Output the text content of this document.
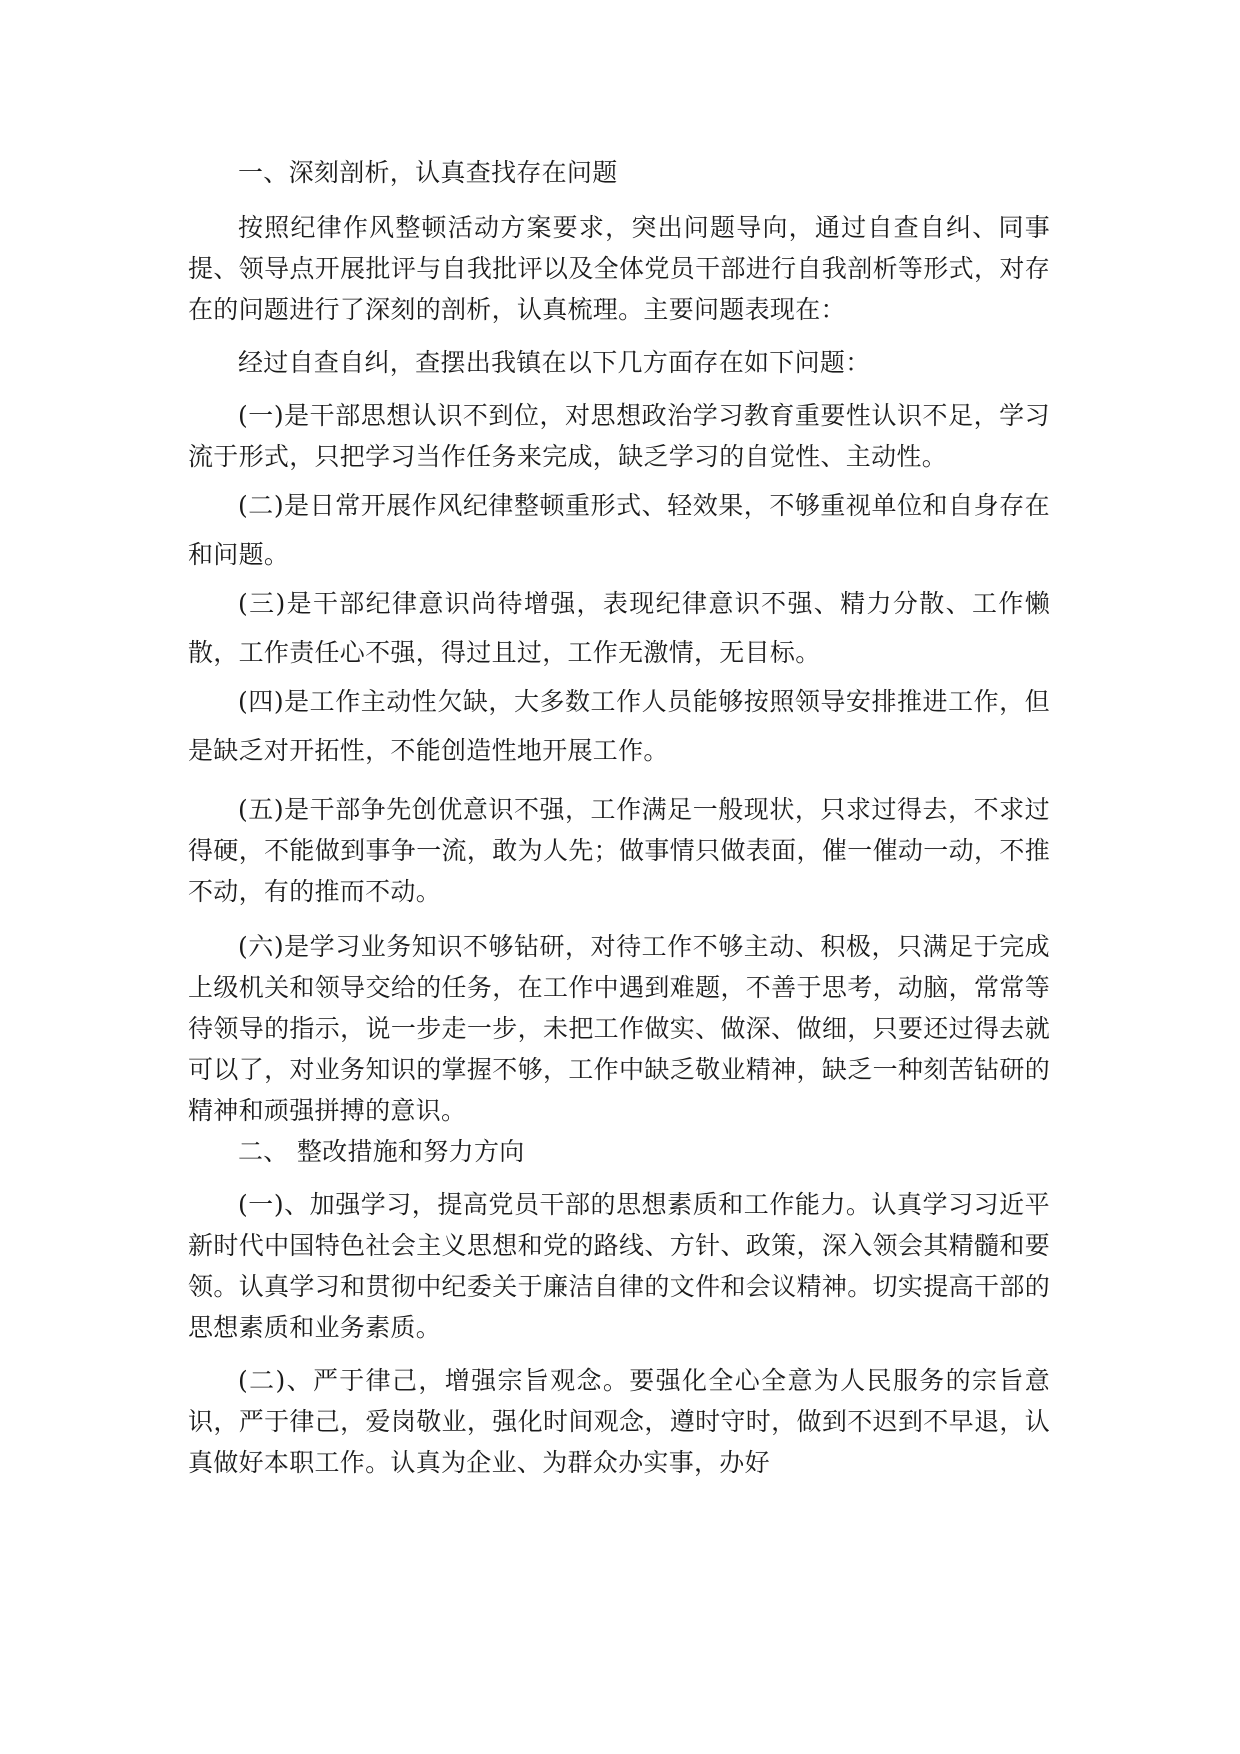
一、深刻剖析，认真查找存在问题

按照纪律作风整顿活动方案要求，突出问题导向，通过自查自纠、同事提、领导点开展批评与自我批评以及全体党员干部进行自我剖析等形式，对存在的问题进行了深刻的剖析，认真梳理。主要问题表现在：

经过自查自纠，查摆出我镇在以下几方面存在如下问题：

(一)是干部思想认识不到位，对思想政治学习教育重要性认识不足，学习流于形式，只把学习当作任务来完成，缺乏学习的自觉性、主动性。

(二)是日常开展作风纪律整顿重形式、轻效果，不够重视单位和自身存在和问题。

(三)是干部纪律意识尚待增强，表现纪律意识不强、精力分散、工作懒散，工作责任心不强，得过且过，工作无激情，无目标。

(四)是工作主动性欠缺，大多数工作人员能够按照领导安排推进工作，但是缺乏对开拓性，不能创造性地开展工作。

(五)是干部争先创优意识不强，工作满足一般现状，只求过得去，不求过得硬，不能做到事争一流，敢为人先；做事情只做表面，催一催动一动，不推不动，有的推而不动。

(六)是学习业务知识不够钻研，对待工作不够主动、积极，只满足于完成上级机关和领导交给的任务，在工作中遇到难题，不善于思考，动脑，常常等待领导的指示，说一步走一步，未把工作做实、做深、做细，只要还过得去就可以了，对业务知识的掌握不够，工作中缺乏敬业精神，缺乏一种刻苦钻研的精神和顽强拼搏的意识。

二、 整改措施和努力方向

(一)、加强学习，提高党员干部的思想素质和工作能力。认真学习习近平新时代中国特色社会主义思想和党的路线、方针、政策，深入领会其精髓和要领。认真学习和贯彻中纪委关于廉洁自律的文件和会议精神。切实提高干部的思想素质和业务素质。

(二)、严于律己，增强宗旨观念。要强化全心全意为人民服务的宗旨意识，严于律己，爱岗敬业，强化时间观念，遵时守时，做到不迟到不早退，认真做好本职工作。认真为企业、为群众办实事，办好
